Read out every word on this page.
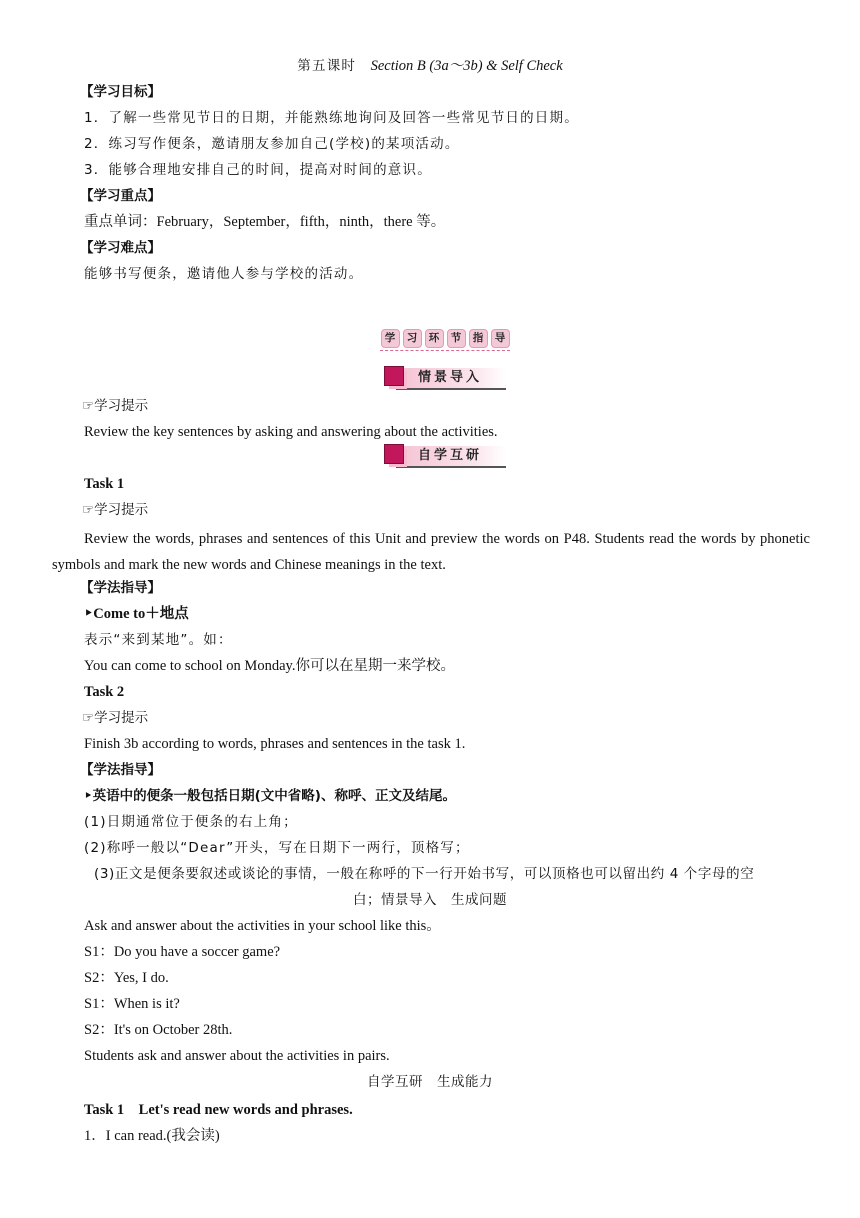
第五课时 Section B (3a～3b) & Self Check
【学习目标】
1．了解一些常见节日的日期，并能熟练地询问及回答一些常见节日的日期。
2．练习写作便条，邀请朋友参加自己(学校)的某项活动。
3．能够合理地安排自己的时间，提高对时间的意识。
【学习重点】
重点单词：February，September，fifth，ninth，there 等。
【学习难点】
能够书写便条，邀请他人参与学校的活动。
学	习	环	节	指	导
情景导入
☞学习提示
Review the key sentences by asking and answering about the activities.
自学互研
Task 1
☞学习提示
Review the words, phrases and sentences of this Unit and preview the words on P48. Students read the words by phonetic symbols and mark the new words and Chinese meanings in the text.
【学法指导】
‣Come to＋地点
表示“来到某地”。如：
You can come to school on Monday.你可以在星期一来学校。
Task 2
☞学习提示
Finish 3b according to words, phrases and sentences in the task 1.
【学法指导】
‣英语中的便条一般包括日期(文中省略)、称呼、正文及结尾。
(1)日期通常位于便条的右上角；
(2)称呼一般以“Dear”开头，写在日期下一两行，顶格写；
(3)正文是便条要叙述或谈论的事情，一般在称呼的下一行开始书写，可以顶格也可以留出约 4 个字母的空
白；情景导入　生成问题
Ask and answer about the activities in your school like this。
S1：Do you have a soccer game?
S2：Yes, I do.
S1：When is it?
S2：It's on October 28th.
Students ask and answer about the activities in pairs.
自学互研　生成能力
Task 1　Let's read new words and phrases.
1．I can read.(我会读)
